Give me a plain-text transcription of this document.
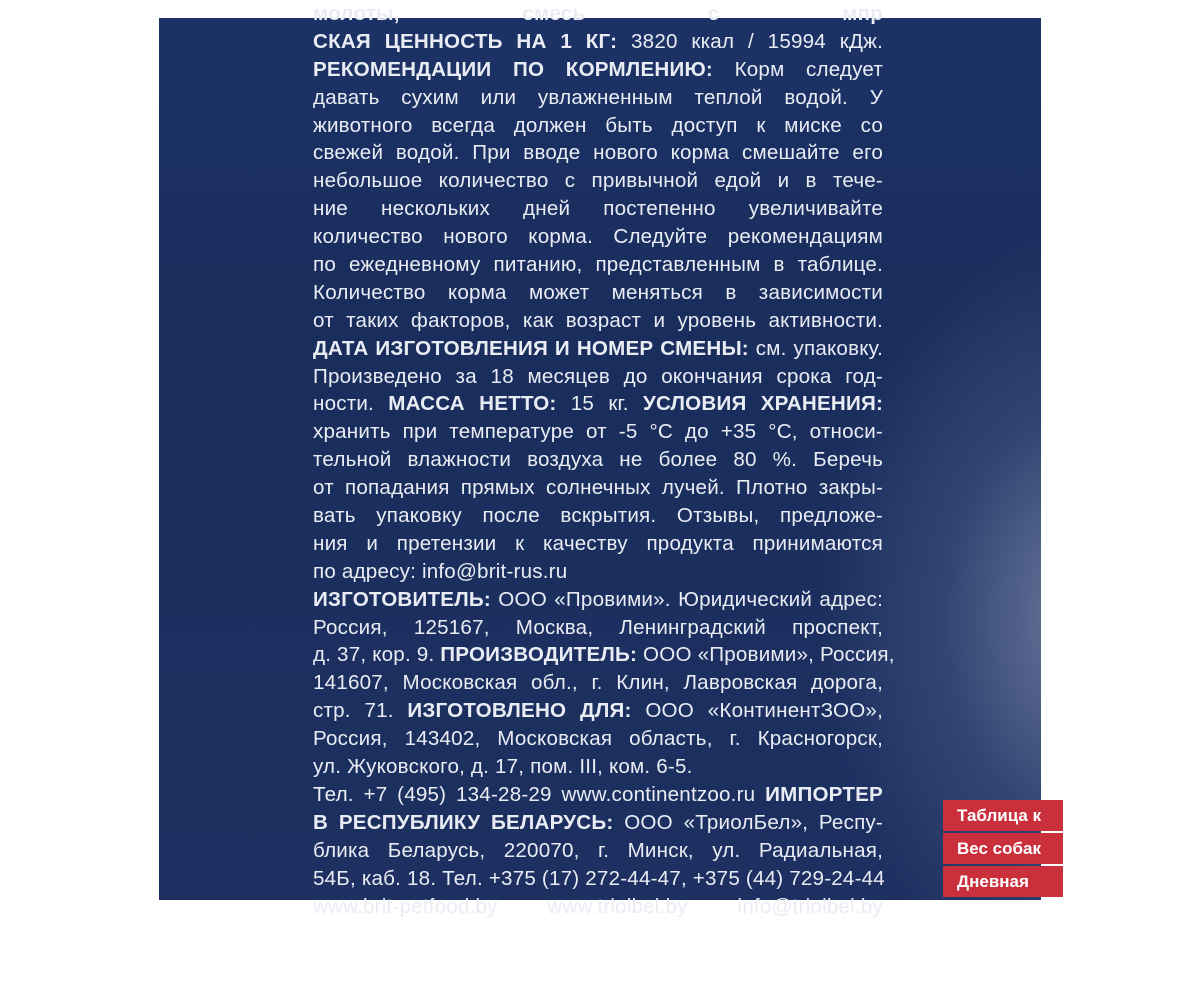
молоты, смесь с мпр
СКАЯ ЦЕННОСТЬ НА 1 КГ: 3820 ккал / 15994 кДж.
РЕКОМЕНДАЦИИ ПО КОРМЛЕНИЮ: Корм следует
давать сухим или увлажненным теплой водой. У
животного всегда должен быть доступ к миске со
свежей водой. При вводе нового корма смешайте его
небольшое количество с привычной едой и в тече-
ние нескольких дней постепенно увеличивайте
количество нового корма. Следуйте рекомендациям
по ежедневному питанию, представленным в таблице.
Количество корма может меняться в зависимости
от таких факторов, как возраст и уровень активности.
ДАТА ИЗГОТОВЛЕНИЯ И НОМЕР СМЕНЫ: см. упаковку.
Произведено за 18 месяцев до окончания срока год-
ности. МАССА НЕТТО: 15 кг. УСЛОВИЯ ХРАНЕНИЯ:
хранить при температуре от -5 °С до +35 °С, относи-
тельной влажности воздуха не более 80 %. Беречь
от попадания прямых солнечных лучей. Плотно закры-
вать упаковку после вскрытия. Отзывы, предложе-
ния и претензии к качеству продукта принимаются
по адресу: info@brit-rus.ru
ИЗГОТОВИТЕЛЬ: ООО «Провими». Юридический адрес:
Россия, 125167, Москва, Ленинградский проспект,
д. 37, кор. 9. ПРОИЗВОДИТЕЛЬ: ООО «Провими», Россия,
141607, Московская обл., г. Клин, Лавровская дорога,
стр. 71. ИЗГОТОВЛЕНО ДЛЯ: ООО «КонтинентЗОО»,
Россия, 143402, Московская область, г. Красногорск,
ул. Жуковского, д. 17, пом. III, ком. 6-5.
Тел. +7 (495) 134-28-29 www.continentzoo.ru ИМПОРТЕР
В РЕСПУБЛИКУ БЕЛАРУСЬ: ООО «ТриолБел», Респу-
блика Беларусь, 220070, г. Минск, ул. Радиальная,
54Б, каб. 18. Тел. +375 (17) 272-44-47, +375 (44) 729-24-44
www.brit-petfood.by www.triolbel.by info@triolbel.by
Таблица к
Вес собак
Дневная
